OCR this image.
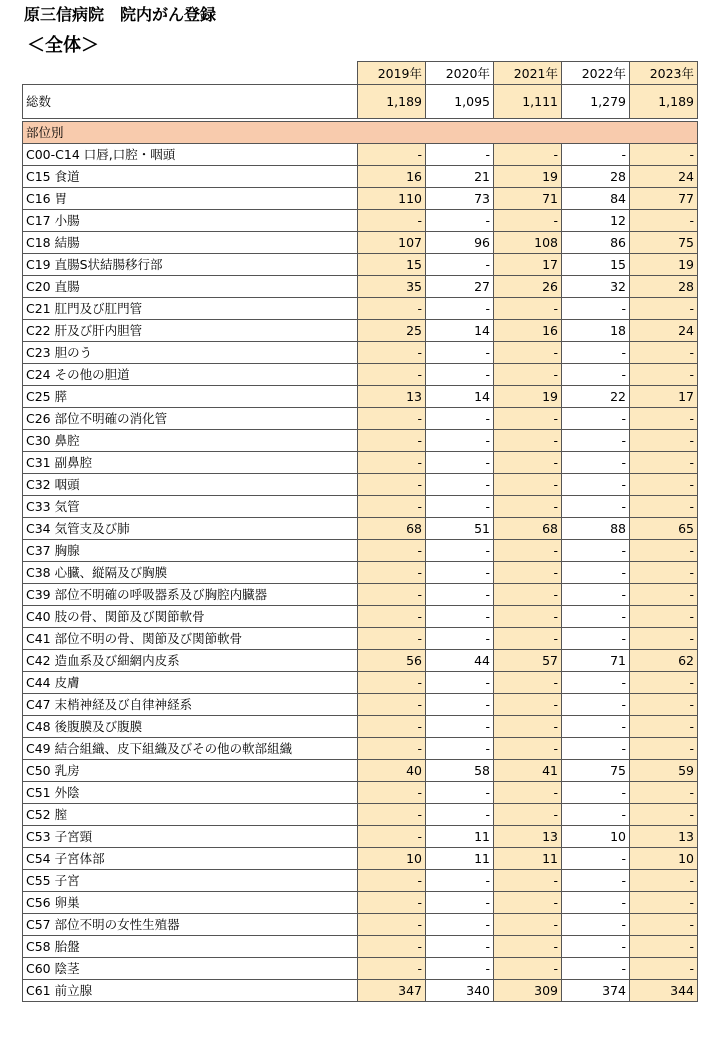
原三信病院　院内がん登録
＜全体＞
	2019年	2020年	2021年	2022年	2023年
総数	1,189	1,095	1,111	1,279	1,189

部位別					
C00-C14 口唇,口腔・咽頭	-	-	-	-	-
C15 食道	16	21	19	28	24
C16 胃	110	73	71	84	77
C17 小腸	-	-	-	12	-
C18 結腸	107	96	108	86	75
C19 直腸S状結腸移行部	15	-	17	15	19
C20 直腸	35	27	26	32	28
C21 肛門及び肛門管	-	-	-	-	-
C22 肝及び肝内胆管	25	14	16	18	24
C23 胆のう	-	-	-	-	-
C24 その他の胆道	-	-	-	-	-
C25 膵	13	14	19	22	17
C26 部位不明確の消化管	-	-	-	-	-
C30 鼻腔	-	-	-	-	-
C31 副鼻腔	-	-	-	-	-
C32 咽頭	-	-	-	-	-
C33 気管	-	-	-	-	-
C34 気管支及び肺	68	51	68	88	65
C37 胸腺	-	-	-	-	-
C38 心臓、縦隔及び胸膜	-	-	-	-	-
C39 部位不明確の呼吸器系及び胸腔内臓器	-	-	-	-	-
C40 肢の骨、関節及び関節軟骨	-	-	-	-	-
C41 部位不明の骨、関節及び関節軟骨	-	-	-	-	-
C42 造血系及び細網内皮系	56	44	57	71	62
C44 皮膚	-	-	-	-	-
C47 末梢神経及び自律神経系	-	-	-	-	-
C48 後腹膜及び腹膜	-	-	-	-	-
C49 結合組織、皮下組織及びその他の軟部組織	-	-	-	-	-
C50 乳房	40	58	41	75	59
C51 外陰	-	-	-	-	-
C52 膣	-	-	-	-	-
C53 子宮頸	-	11	13	10	13
C54 子宮体部	10	11	11	-	10
C55 子宮	-	-	-	-	-
C56 卵巣	-	-	-	-	-
C57 部位不明の女性生殖器	-	-	-	-	-
C58 胎盤	-	-	-	-	-
C60 陰茎	-	-	-	-	-
C61 前立腺	347	340	309	374	344
